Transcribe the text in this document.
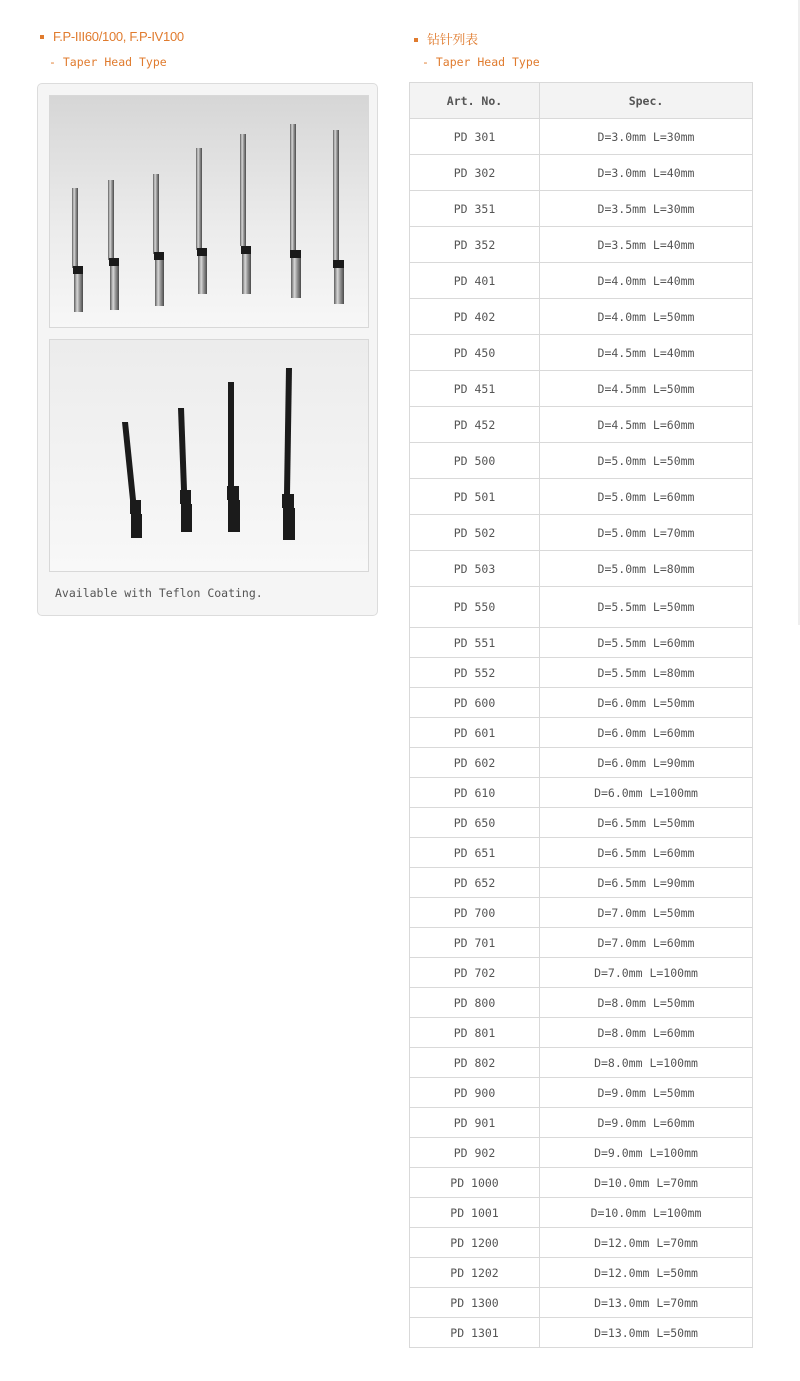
F.P-III60/100, F.P-IV100
- Taper Head Type
钻针列表
- Taper Head Type
Available with Teflon Coating.
Art. No.	Spec.
PD 301	D=3.0mm L=30mm
PD 302	D=3.0mm L=40mm
PD 351	D=3.5mm L=30mm
PD 352	D=3.5mm L=40mm
PD 401	D=4.0mm L=40mm
PD 402	D=4.0mm L=50mm
PD 450	D=4.5mm L=40mm
PD 451	D=4.5mm L=50mm
PD 452	D=4.5mm L=60mm
PD 500	D=5.0mm L=50mm
PD 501	D=5.0mm L=60mm
PD 502	D=5.0mm L=70mm
PD 503	D=5.0mm L=80mm
PD 550	D=5.5mm L=50mm
PD 551	D=5.5mm L=60mm
PD 552	D=5.5mm L=80mm
PD 600	D=6.0mm L=50mm
PD 601	D=6.0mm L=60mm
PD 602	D=6.0mm L=90mm
PD 610	D=6.0mm L=100mm
PD 650	D=6.5mm L=50mm
PD 651	D=6.5mm L=60mm
PD 652	D=6.5mm L=90mm
PD 700	D=7.0mm L=50mm
PD 701	D=7.0mm L=60mm
PD 702	D=7.0mm L=100mm
PD 800	D=8.0mm L=50mm
PD 801	D=8.0mm L=60mm
PD 802	D=8.0mm L=100mm
PD 900	D=9.0mm L=50mm
PD 901	D=9.0mm L=60mm
PD 902	D=9.0mm L=100mm
PD 1000	D=10.0mm L=70mm
PD 1001	D=10.0mm L=100mm
PD 1200	D=12.0mm L=70mm
PD 1202	D=12.0mm L=50mm
PD 1300	D=13.0mm L=70mm
PD 1301	D=13.0mm L=50mm
